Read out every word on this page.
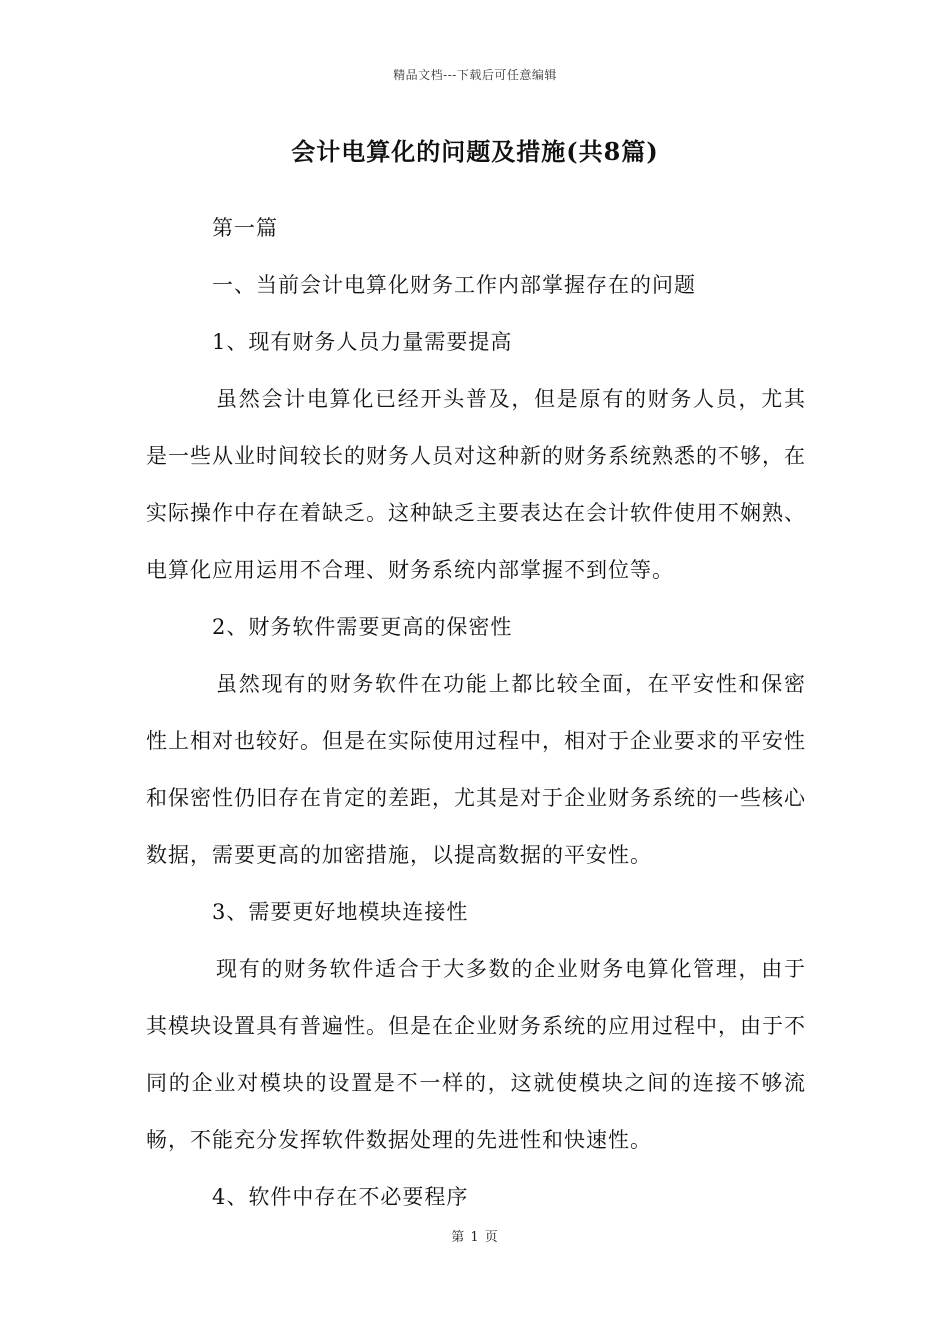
精品文档---下载后可任意编辑
会计电算化的问题及措施(共8篇)

第一篇

一、当前会计电算化财务工作内部掌握存在的问题

1、现有财务人员力量需要提高

虽然会计电算化已经开头普及，但是原有的财务人员，尤其是一些从业时间较长的财务人员对这种新的财务系统熟悉的不够，在实际操作中存在着缺乏。这种缺乏主要表达在会计软件使用不娴熟、电算化应用运用不合理、财务系统内部掌握不到位等。

2、财务软件需要更高的保密性

虽然现有的财务软件在功能上都比较全面，在平安性和保密性上相对也较好。但是在实际使用过程中，相对于企业要求的平安性和保密性仍旧存在肯定的差距，尤其是对于企业财务系统的一些核心数据，需要更高的加密措施，以提高数据的平安性。

3、需要更好地模块连接性

现有的财务软件适合于大多数的企业财务电算化管理，由于其模块设置具有普遍性。但是在企业财务系统的应用过程中，由于不同的企业对模块的设置是不一样的，这就使模块之间的连接不够流畅，不能充分发挥软件数据处理的先进性和快速性。

4、软件中存在不必要程序

第 1 页
